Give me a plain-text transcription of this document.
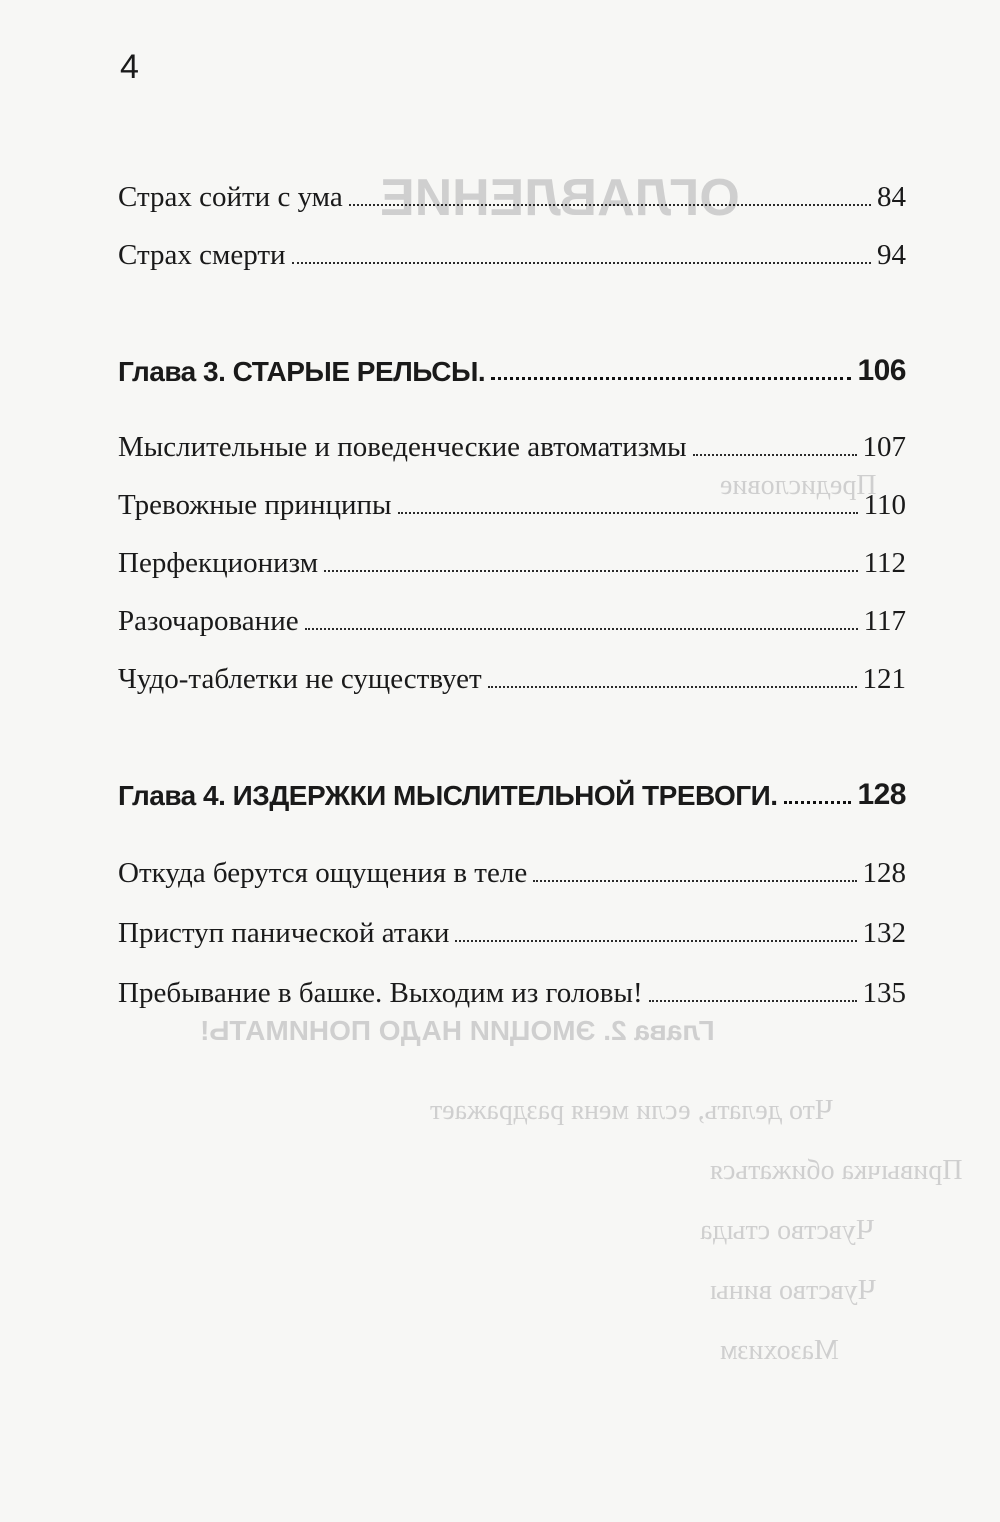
ОГЛАВЛЕНИЕ
Предисловие
Глава 2. ЭМОЦИИ НАДО ПОНИМАТЬ!
Что делать, если меня раздражает
Привычка обижаться
Чувство стыда
Чувство вины
Мазохизм
4
Страх сойти с ума	84
Страх смерти	94
Глава 3. СТАРЫЕ РЕЛЬСЫ.	106
Мыслительные и поведенческие автоматизмы	107
Тревожные принципы	110
Перфекционизм	112
Разочарование	117
Чудо-таблетки не существует	121
Глава 4. ИЗДЕРЖКИ МЫСЛИТЕЛЬНОЙ ТРЕВОГИ.	128
Откуда берутся ощущения в теле	128
Приступ панической атаки	132
Пребывание в башке. Выходим из головы!	135
